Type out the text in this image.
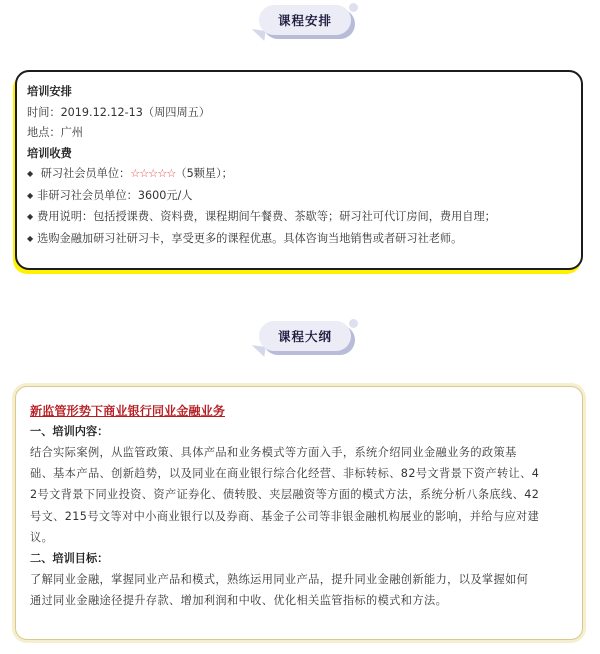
课程安排
培训安排
时间：2019.12.12-13（周四周五）
地点：广州
培训收费
◆ 研习社会员单位：☆☆☆☆☆（5颗星）；
◆ 非研习社会员单位：3600元/人
◆ 费用说明：包括授课费、资料费，课程期间午餐费、茶歇等；研习社可代订房间，费用自理；
◆ 选购金融加研习社研习卡，享受更多的课程优惠。具体咨询当地销售或者研习社老师。
课程大纲
新监管形势下商业银行同业金融业务
一、培训内容：
结合实际案例，从监管政策、具体产品和业务模式等方面入手，系统介绍同业金融业务的政策基
础、基本产品、创新趋势，以及同业在商业银行综合化经营、非标转标、82号文背景下资产转让、4
2号文背景下同业投资、资产证券化、债转股、夹层融资等方面的模式方法，系统分析八条底线、42
号文、215号文等对中小商业银行以及券商、基金子公司等非银金融机构展业的影响，并给与应对建
议。
二、培训目标：
了解同业金融，掌握同业产品和模式，熟练运用同业产品，提升同业金融创新能力，以及掌握如何
通过同业金融途径提升存款、增加利润和中收、优化相关监管指标的模式和方法。
